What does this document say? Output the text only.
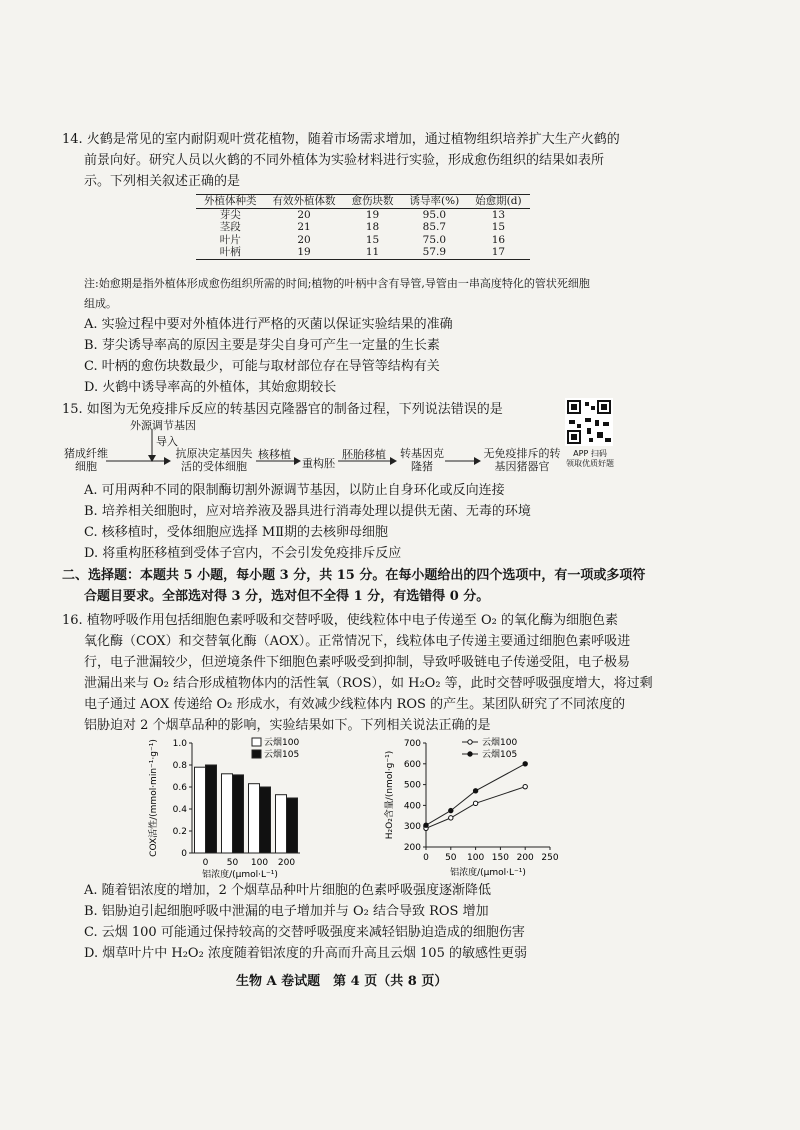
14. 火鹤是常见的室内耐阴观叶赏花植物，随着市场需求增加，通过植物组织培养扩大生产火鹤的
前景向好。研究人员以火鹤的不同外植体为实验材料进行实验，形成愈伤组织的结果如表所
示。下列相关叙述正确的是
外植体种类	有效外植体数	愈伤块数	诱导率(%)	始愈期(d)
芽尖	20	19	95.0	13
茎段	21	18	85.7	15
叶片	20	15	75.0	16
叶柄	19	11	57.9	17
注:始愈期是指外植体形成愈伤组织所需的时间;植物的叶柄中含有导管,导管由一串高度特化的管状死细胞
组成。
A. 实验过程中要对外植体进行严格的灭菌以保证实验结果的准确
B. 芽尖诱导率高的原因主要是芽尖自身可产生一定量的生长素
C. 叶柄的愈伤块数最少，可能与取材部位存在导管等结构有关
D. 火鹤中诱导率高的外植体，其始愈期较长
15. 如图为无免疫排斥反应的转基因克隆器官的制备过程，下列说法错误的是
APP 扫码
领取优质好题
外源调节基因
导入
猪成纤维细胞
抗原决定基因失活的受体细胞
核移植
重构胚
胚胎移植 转基因克隆猪
无免疫排斥的转基因猪器官
A. 可用两种不同的限制酶切割外源调节基因，以防止自身环化或反向连接
B. 培养相关细胞时，应对培养液及器具进行消毒处理以提供无菌、无毒的环境
C. 核移植时，受体细胞应选择 MⅡ期的去核卵母细胞
D. 将重构胚移植到受体子宫内，不会引发免疫排斥反应
二、选择题：本题共 5 小题，每小题 3 分，共 15 分。在每小题给出的四个选项中，有一项或多项符
合题目要求。全部选对得 3 分，选对但不全得 1 分，有选错得 0 分。
16. 植物呼吸作用包括细胞色素呼吸和交替呼吸，使线粒体中电子传递至 O₂ 的氧化酶为细胞色素
氧化酶（COX）和交替氧化酶（AOX）。正常情况下，线粒体电子传递主要通过细胞色素呼吸进
行，电子泄漏较少，但逆境条件下细胞色素呼吸受到抑制，导致呼吸链电子传递受阻，电子极易
泄漏出来与 O₂ 结合形成植物体内的活性氧（ROS），如 H₂O₂ 等，此时交替呼吸强度增大，将过剩
电子通过 AOX 传递给 O₂ 形成水，有效减少线粒体内 ROS 的产生。某团队研究了不同浓度的
铝胁迫对 2 个烟草品种的影响，实验结果如下。下列相关说法正确的是
0
0.2
0.4
0.6
0.8
1.0
0 50 100 200
铝浓度/(μmol·L⁻¹)
COX活性/(mmol·min⁻¹·g⁻¹)	云烟100
云烟105
200
300
400
500
600
700
0 50 100 150 200 250
云烟100
云烟105
铝浓度/(μmol·L⁻¹)
H₂O₂含量/(nmol·g⁻¹)
A. 随着铝浓度的增加，2 个烟草品种叶片细胞的色素呼吸强度逐渐降低
B. 铝胁迫引起细胞呼吸中泄漏的电子增加并与 O₂ 结合导致 ROS 增加
C. 云烟 100 可能通过保持较高的交替呼吸强度来减轻铝胁迫造成的细胞伤害
D. 烟草叶片中 H₂O₂ 浓度随着铝浓度的升高而升高且云烟 105 的敏感性更弱
生物 A 卷试题　第 4 页（共 8 页）
